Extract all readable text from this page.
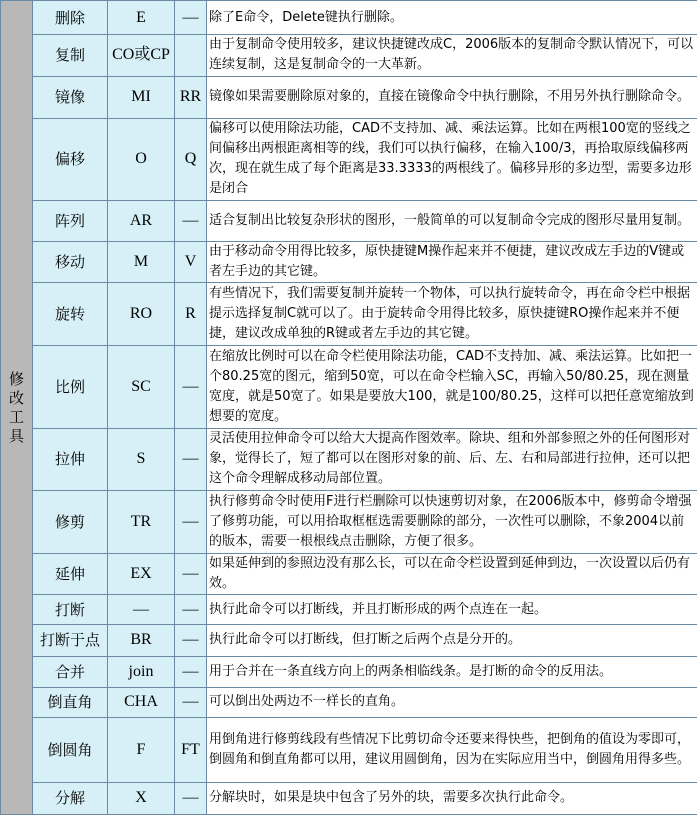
修改工具	删除	E	—	除了E命令，Delete键执行删除。
	复制	CO或CP		由于复制命令使用较多，建议快捷键改成C，2006版本的复制命令默认情况下，可以连续复制，这是复制命令的一大革新。
	镜像	MI	RR	镜像如果需要删除原对象的，直接在镜像命令中执行删除，不用另外执行删除命令。
	偏移	O	Q	偏移可以使用除法功能，CAD不支持加、减、乘法运算。比如在两根100宽的竖线之间偏移出两根距离相等的线，我们可以执行偏移，在输入100/3，再拾取原线偏移两次，现在就生成了每个距离是33.3333的两根线了。偏移异形的多边型，需要多边形是闭合
	阵列	AR	—	适合复制出比较复杂形状的图形，一般简单的可以复制命令完成的图形尽量用复制。
	移动	M	V	由于移动命令用得比较多，原快捷键M操作起来并不便捷，建议改成左手边的V键或者左手边的其它键。
	旋转	RO	R	有些情况下，我们需要复制并旋转一个物体，可以执行旋转命令，再在命令栏中根据提示选择复制C就可以了。由于旋转命令用得比较多，原快捷键RO操作起来并不便捷，建议改成单独的R键或者左手边的其它键。
	比例	SC	—	在缩放比例时可以在命令栏使用除法功能，CAD不支持加、减、乘法运算。比如把一个80.25宽的图元，缩到50宽，可以在命令栏输入SC，再输入50/80.25，现在测量宽度，就是50宽了。如果是要放大100，就是100/80.25，这样可以把任意宽缩放到想要的宽度。
	拉伸	S	—	灵活使用拉伸命令可以给大大提高作图效率。除块、组和外部参照之外的任何图形对象，觉得长了，短了都可以在图形对象的前、后、左、右和局部进行拉伸，还可以把这个命令理解成移动局部位置。
	修剪	TR	—	执行修剪命令时使用F进行栏删除可以快速剪切对象，在2006版本中，修剪命令增强了修剪功能，可以用拾取框框选需要删除的部分，一次性可以删除，不象2004以前的版本，需要一根根线点击删除，方便了很多。
	延伸	EX	—	如果延伸到的参照边没有那么长，可以在命令栏设置到延伸到边，一次设置以后仍有效。
	打断	—	—	执行此命令可以打断线，并且打断形成的两个点连在一起。
	打断于点	BR	—	执行此命令可以打断线，但打断之后两个点是分开的。
	合并	join	—	用于合并在一条直线方向上的两条相临线条。是打断的命令的反用法。
	倒直角	CHA	—	可以倒出处两边不一样长的直角。
	倒圆角	F	FT	用倒角进行修剪线段有些情况下比剪切命令还要来得快些，把倒角的值设为零即可，倒圆角和倒直角都可以用，建议用圆倒角，因为在实际应用当中，倒圆角用得多些。
	分解	X	—	分解块时，如果是块中包含了另外的块，需要多次执行此命令。
